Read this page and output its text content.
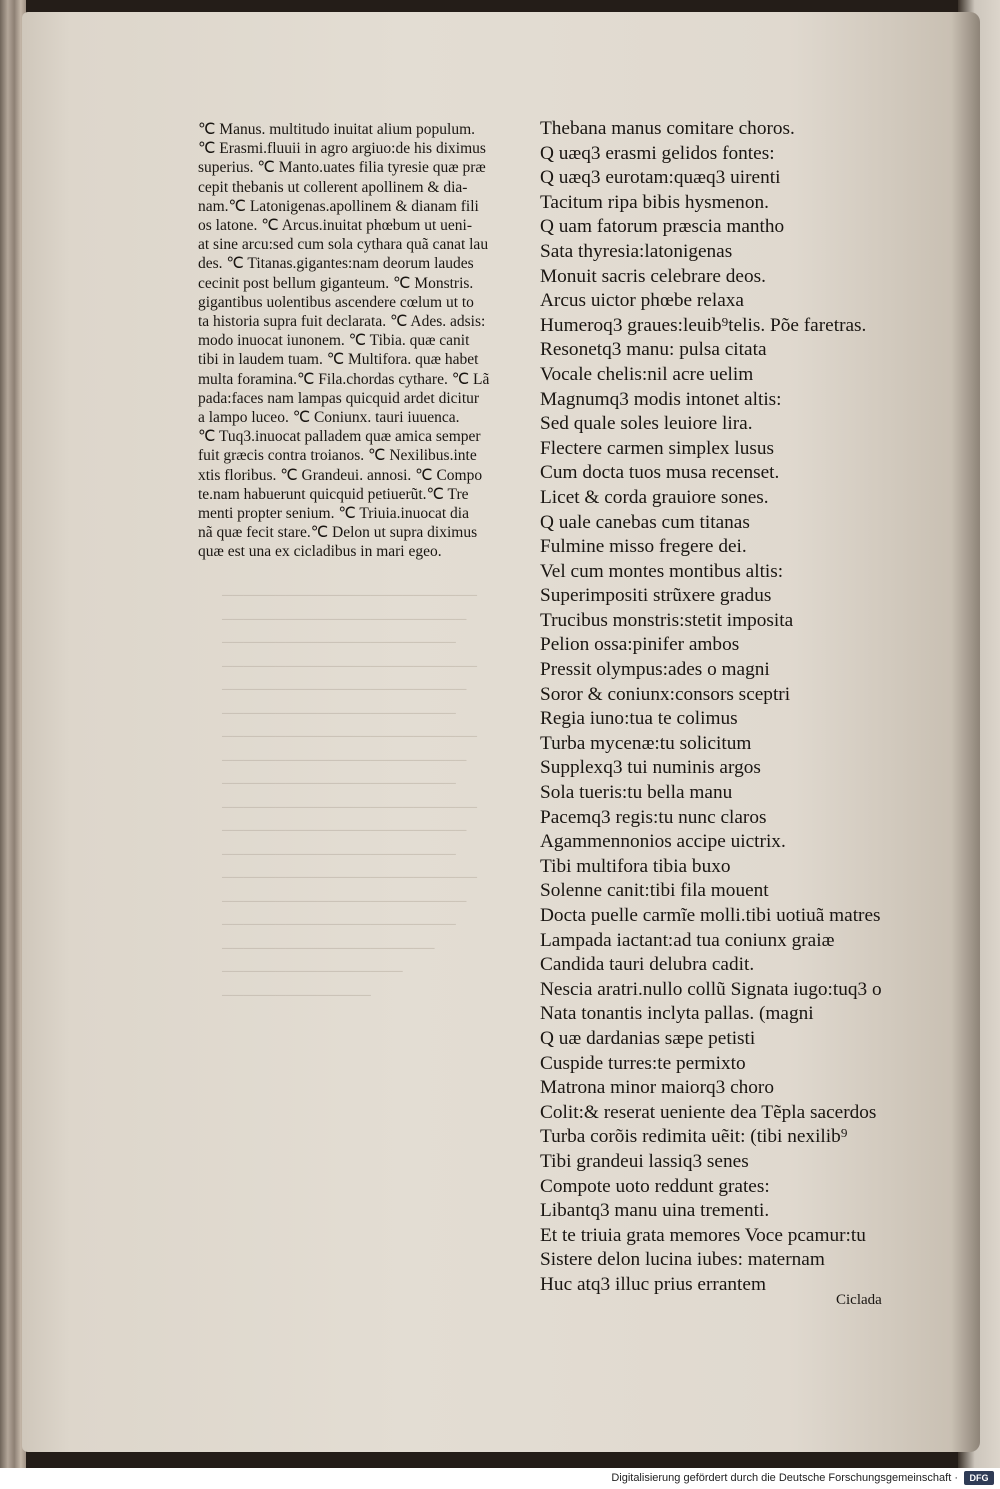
────────────────────────
───────────────────────
──────────────────────
────────────────────────
───────────────────────
──────────────────────
────────────────────────
───────────────────────
──────────────────────
────────────────────────
───────────────────────
──────────────────────
────────────────────────
───────────────────────
──────────────────────
────────────────────
─────────────────
──────────────
℃ Manus. multitudo inuitat alium populum.
℃ Erasmi.fluuii in agro argiuo:de his diximus
superius. ℃ Manto.uates filia tyresie quæ præ
cepit thebanis ut collerent apollinem & dia-
nam.℃ Latonigenas.apollinem & dianam fili
os latone. ℃ Arcus.inuitat phœbum ut ueni-
at sine arcu:sed cum sola cythara quã canat lau
des. ℃ Titanas.gigantes:nam deorum laudes
cecinit post bellum giganteum. ℃ Monstris.
gigantibus uolentibus ascendere cœlum ut to
ta historia supra fuit declarata. ℃ Ades. adsis:
modo inuocat iunonem. ℃ Tibia. quæ canit
tibi in laudem tuam. ℃ Multifora. quæ habet
multa foramina.℃ Fila.chordas cythare. ℃ Lã
pada:faces nam lampas quicquid ardet dicitur
a lampo luceo. ℃ Coniunx. tauri iuuenca.
℃ Tuq3.inuocat palladem quæ amica semper
fuit græcis contra troianos. ℃ Nexilibus.inte
xtis floribus. ℃ Grandeui. annosi. ℃ Compo
te.nam habuerunt quicquid petiuerũt.℃ Tre
menti propter senium. ℃ Triuia.inuocat dia
nã quæ fecit stare.℃ Delon ut supra diximus
quæ est una ex cicladibus in mari egeo.
Thebana manus comitare choros.
Q uæq3 erasmi gelidos fontes:
Q uæq3 eurotam:quæq3 uirenti
Tacitum ripa bibis hysmenon.
Q uam fatorum præscia mantho
Sata thyresia:latonigenas
Monuit sacris celebrare deos.
Arcus uictor phœbe relaxa
Humeroq3 graues:leuib⁹telis. Põe faretras.
Resonetq3 manu: pulsa citata
Vocale chelis:nil acre uelim
Magnumq3 modis intonet altis:
Sed quale soles leuiore lira.
Flectere carmen simplex lusus
Cum docta tuos musa recenset.
Licet & corda grauiore sones.
Q uale canebas cum titanas
Fulmine misso fregere dei.
Vel cum montes montibus altis:
Superimpositi strũxere gradus
Trucibus monstris:stetit imposita
Pelion ossa:pinifer ambos
Pressit olympus:ades o magni
Soror & coniunx:consors sceptri
Regia iuno:tua te colimus
Turba mycenæ:tu solicitum
Supplexq3 tui numinis argos
Sola tueris:tu bella manu
Pacemq3 regis:tu nunc claros
Agammennonios accipe uictrix.
Tibi multifora tibia buxo
Solenne canit:tibi fila mouent
Docta puelle carmĩe molli.tibi uotiuã matres
Lampada iactant:ad tua coniunx graiæ
Candida tauri delubra cadit.
Nescia aratri.nullo collũ Signata iugo:tuq3 o
Nata tonantis inclyta pallas. (magni
Q uæ dardanias sæpe petisti
Cuspide turres:te permixto
Matrona minor maiorq3 choro
Colit:& reserat ueniente dea Tẽpla sacerdos
Turba corõis redimita uẽit: (tibi nexilib⁹
Tibi grandeui lassiq3 senes
Compote uoto reddunt grates:
Libantq3 manu uina trementi.
Et te triuia grata memores Voce pcamur:tu
Sistere delon lucina iubes: maternam
Huc atq3 illuc prius errantem
Ciclada
Digitalisierung gefördert durch die Deutsche Forschungsgemeinschaft ·	DFG
